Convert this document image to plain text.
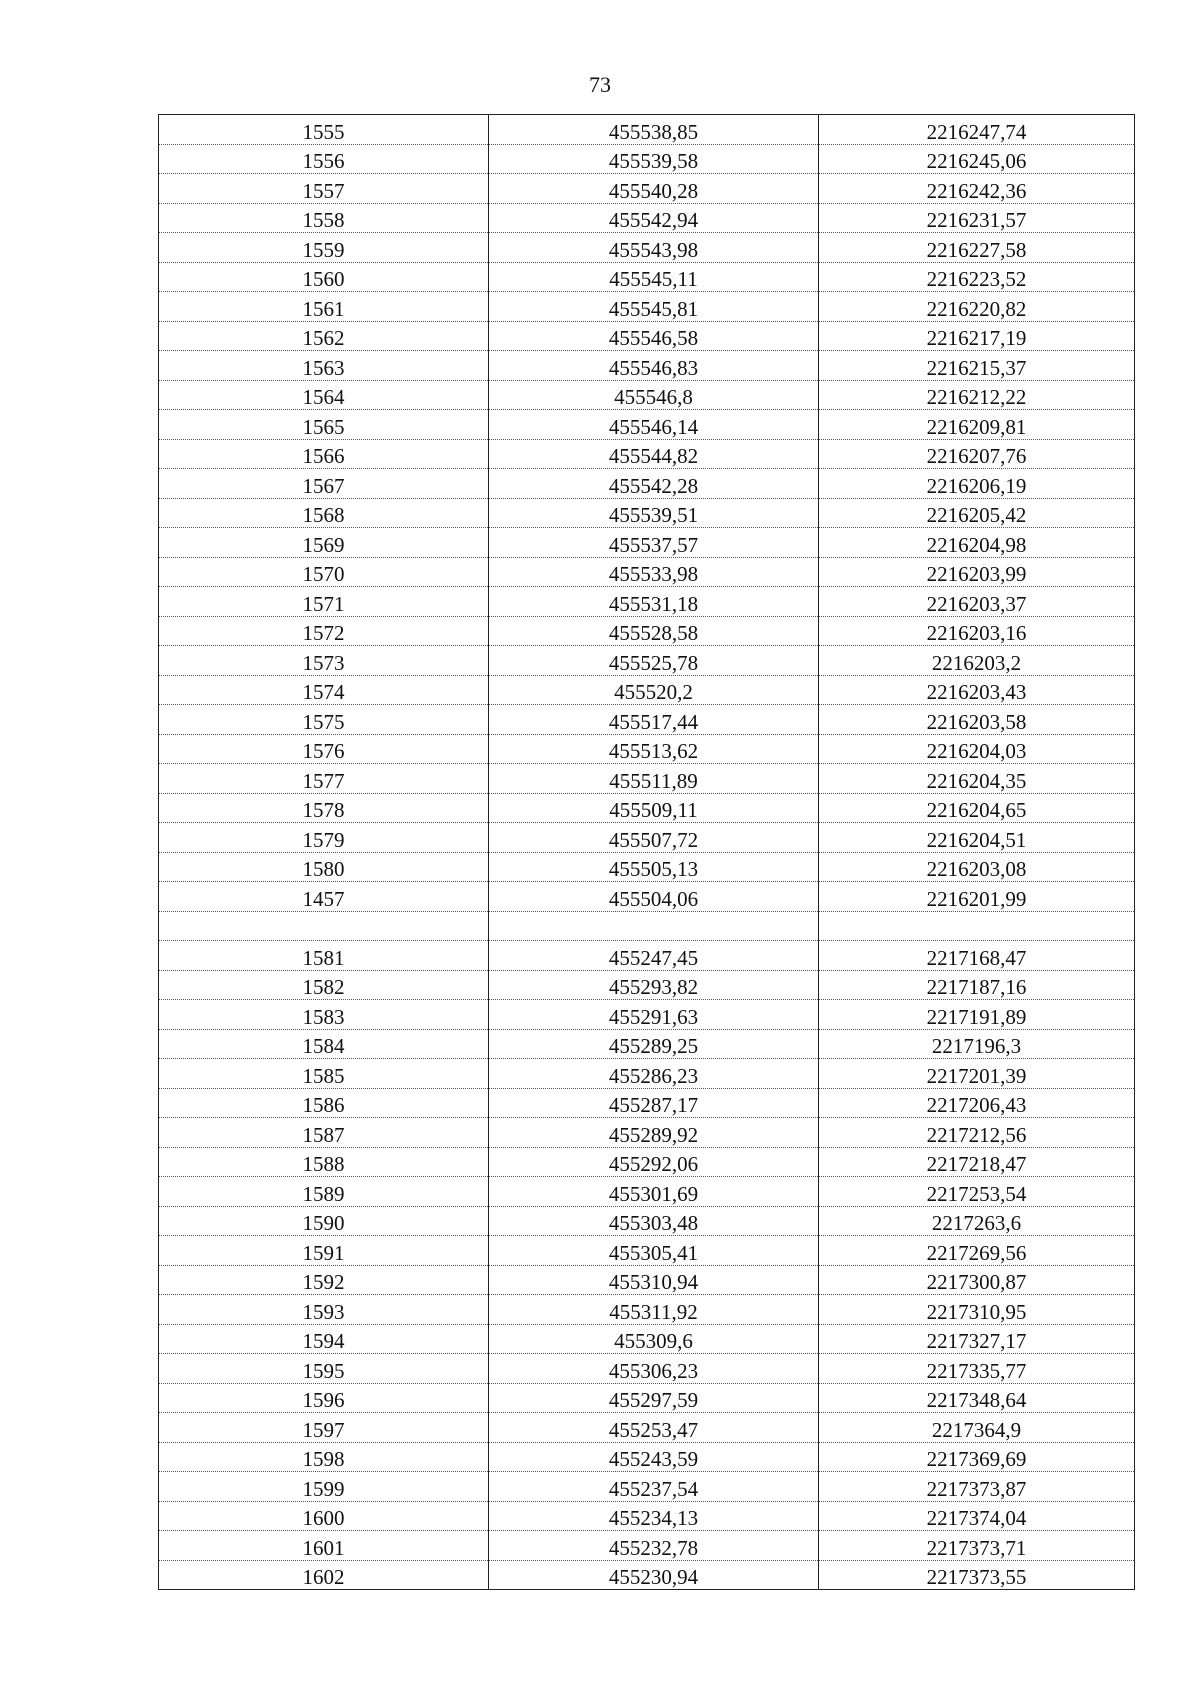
73
1555	455538,85	2216247,74
1556	455539,58	2216245,06
1557	455540,28	2216242,36
1558	455542,94	2216231,57
1559	455543,98	2216227,58
1560	455545,11	2216223,52
1561	455545,81	2216220,82
1562	455546,58	2216217,19
1563	455546,83	2216215,37
1564	455546,8	2216212,22
1565	455546,14	2216209,81
1566	455544,82	2216207,76
1567	455542,28	2216206,19
1568	455539,51	2216205,42
1569	455537,57	2216204,98
1570	455533,98	2216203,99
1571	455531,18	2216203,37
1572	455528,58	2216203,16
1573	455525,78	2216203,2
1574	455520,2	2216203,43
1575	455517,44	2216203,58
1576	455513,62	2216204,03
1577	455511,89	2216204,35
1578	455509,11	2216204,65
1579	455507,72	2216204,51
1580	455505,13	2216203,08
1457	455504,06	2216201,99

1581	455247,45	2217168,47
1582	455293,82	2217187,16
1583	455291,63	2217191,89
1584	455289,25	2217196,3
1585	455286,23	2217201,39
1586	455287,17	2217206,43
1587	455289,92	2217212,56
1588	455292,06	2217218,47
1589	455301,69	2217253,54
1590	455303,48	2217263,6
1591	455305,41	2217269,56
1592	455310,94	2217300,87
1593	455311,92	2217310,95
1594	455309,6	2217327,17
1595	455306,23	2217335,77
1596	455297,59	2217348,64
1597	455253,47	2217364,9
1598	455243,59	2217369,69
1599	455237,54	2217373,87
1600	455234,13	2217374,04
1601	455232,78	2217373,71
1602	455230,94	2217373,55
